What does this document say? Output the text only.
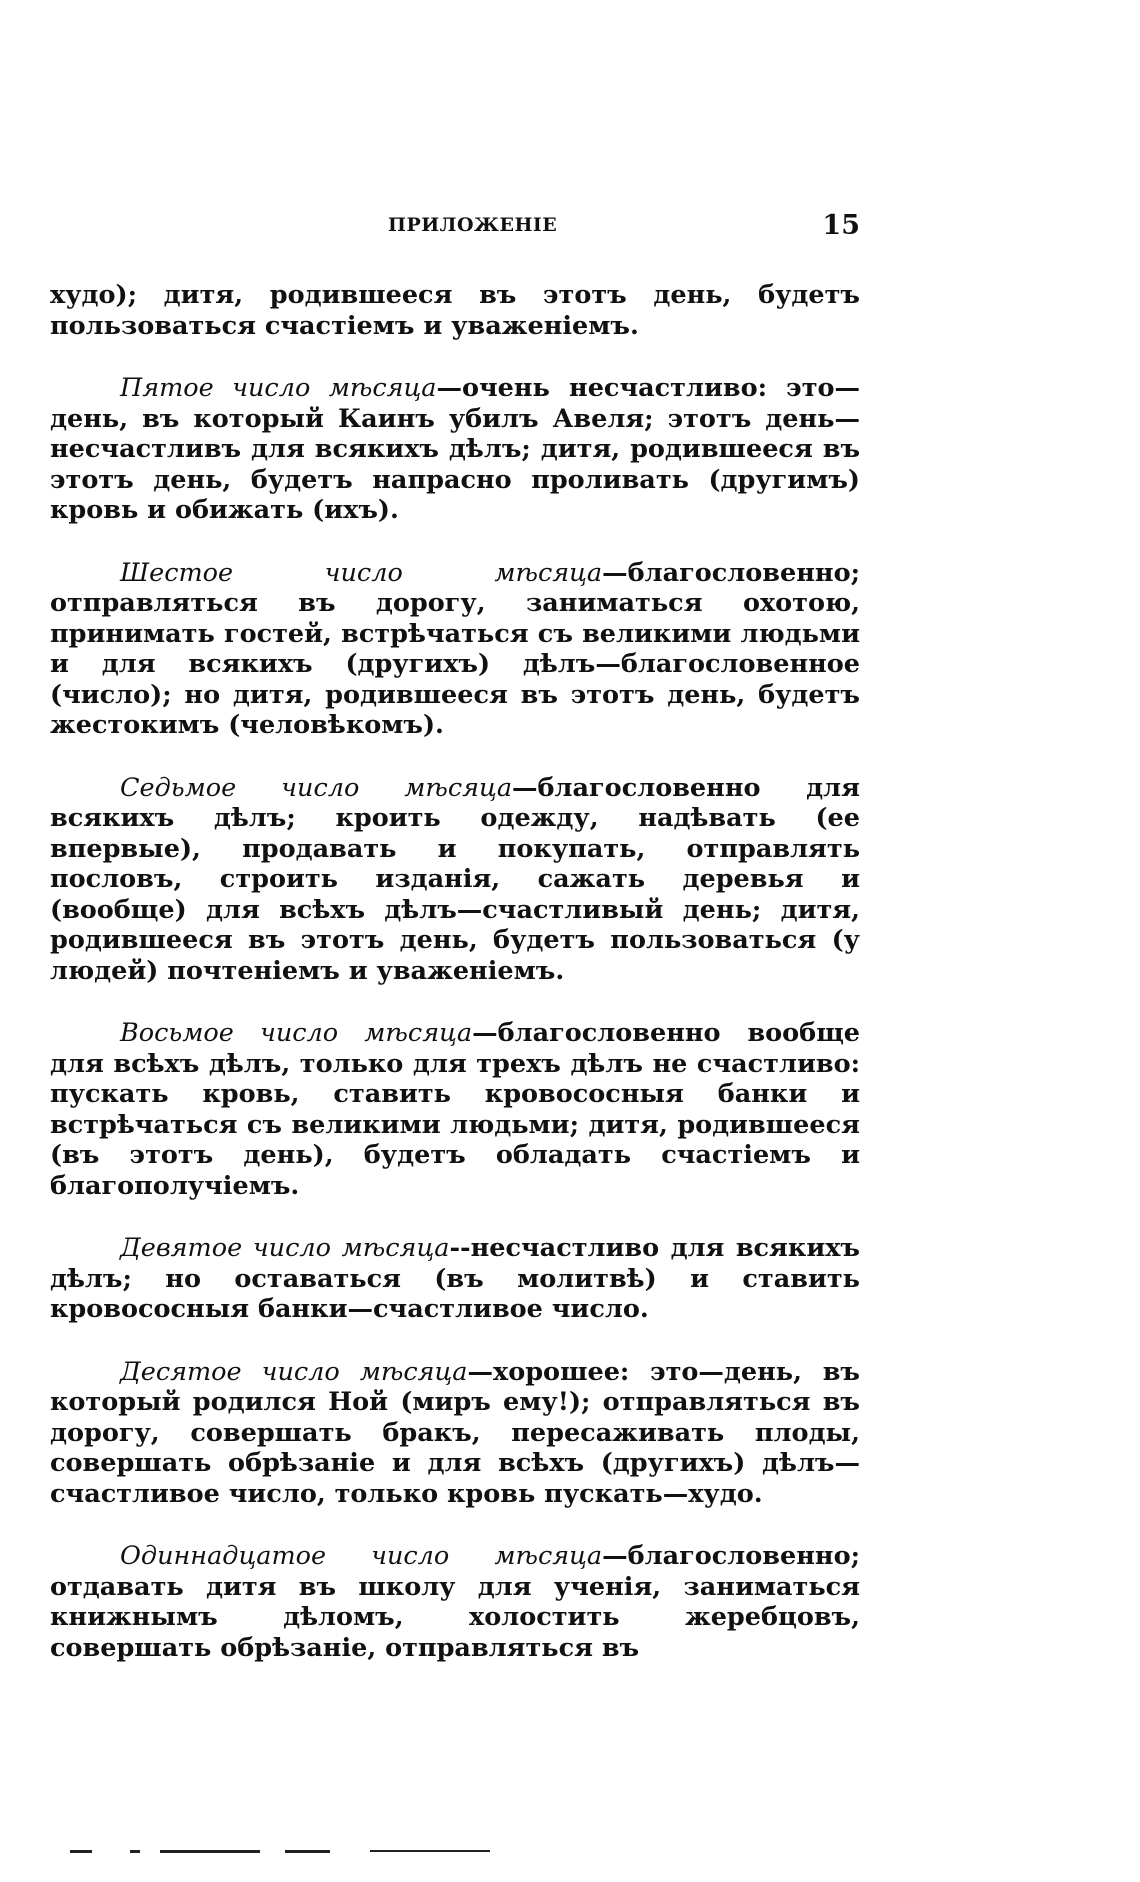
ПРИЛОЖЕНIЕ	15

худо); дитя, родившееся въ этотъ день, будетъ пользоваться счастiемъ и уваженiемъ.

Пятое число мѣсяца—очень несчастливо: это—день, въ который Каинъ убилъ Авеля; этотъ день—несчастливъ для всякихъ дѣлъ; дитя, родившееся въ этотъ день, будетъ напрасно проливать (другимъ) кровь и обижать (ихъ).

Шестое число мѣсяца—благословенно; отправляться въ дорогу, заниматься охотою, принимать гостей, встрѣчаться съ великими людьми и для всякихъ (другихъ) дѣлъ—благословенное (число); но дитя, родившееся въ этотъ день, будетъ жестокимъ (человѣкомъ).

Седьмое число мѣсяца—благословенно для всякихъ дѣлъ; кроить одежду, надѣвать (ее впервые), продавать и покупать, отправлять пословъ, строить изданiя, сажать деревья и (вообще) для всѣхъ дѣлъ—счастливый день; дитя, родившееся въ этотъ день, будетъ пользоваться (у людей) почтенiемъ и уваженiемъ.

Восьмое число мѣсяца—благословенно вообще для всѣхъ дѣлъ, только для трехъ дѣлъ не счастливо: пускать кровь, ставить кровососныя банки и встрѣчаться съ великими людьми; дитя, родившееся (въ этотъ день), будетъ обладать счастiемъ и благополучiемъ.

Девятое число мѣсяца--несчастливо для всякихъ дѣлъ; но оставаться (въ молитвѣ) и ставить кровососныя банки—счастливое число.

Десятое число мѣсяца—хорошее: это—день, въ который родился Ной (миръ ему!); отправляться въ дорогу, совершать бракъ, пересаживать плоды, совершать обрѣзанiе и для всѣхъ (другихъ) дѣлъ—счастливое число, только кровь пускать—худо.

Одиннадцатое число мѣсяца—благословенно; отдавать дитя въ школу для ученiя, заниматься книжнымъ дѣломъ, холостить жеребцовъ, совершать обрѣзанiе, отправляться въ
